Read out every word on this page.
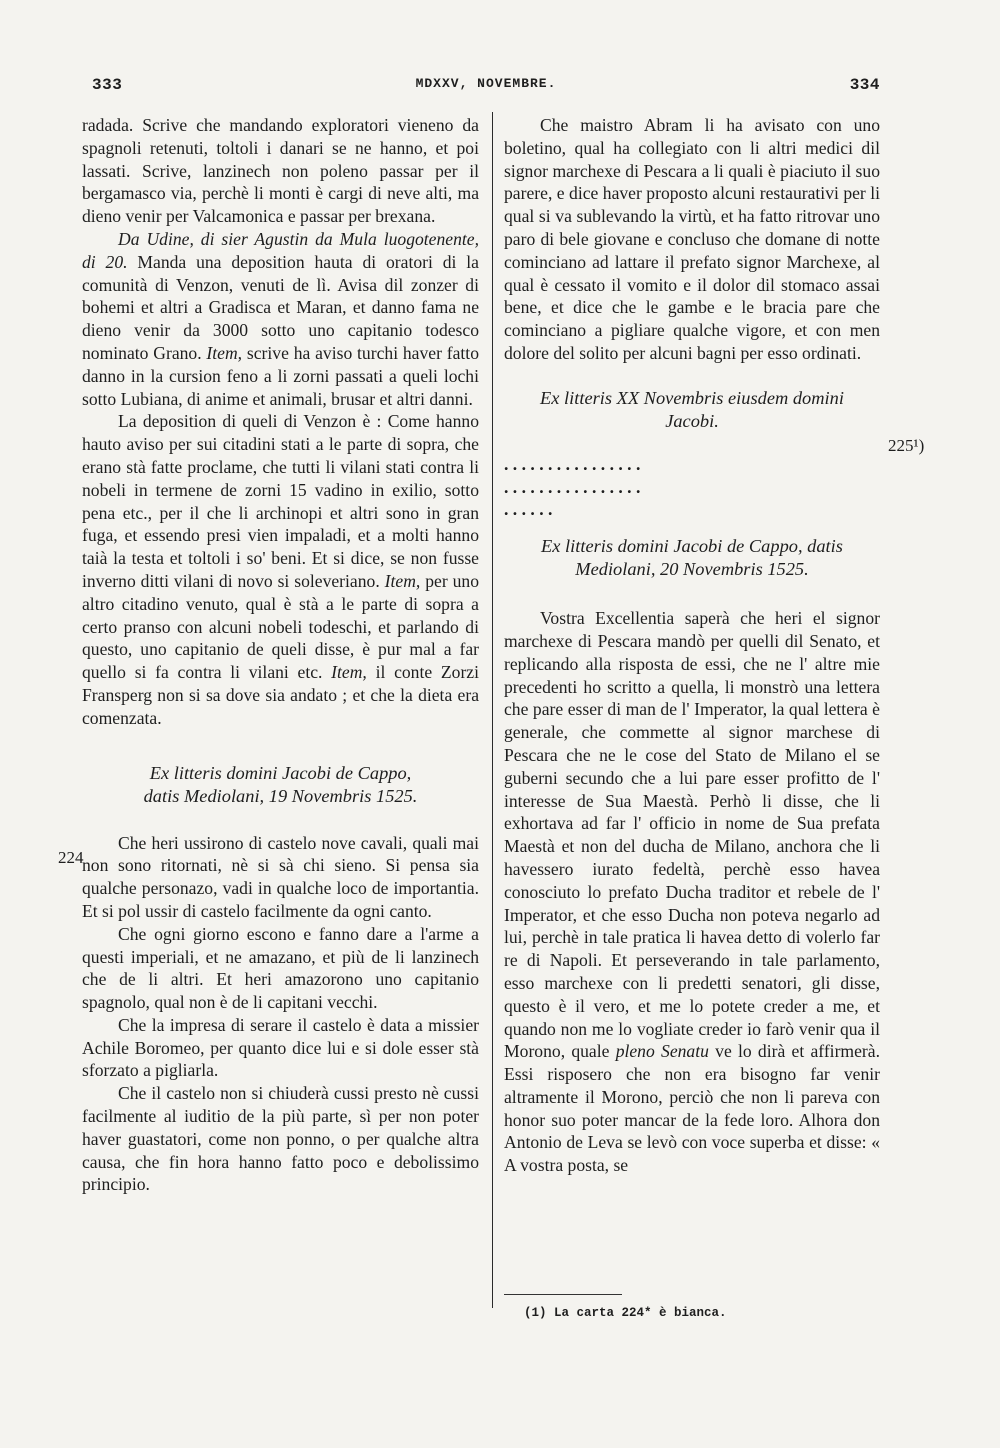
333	MDXXV, NOVEMBRE.	334

radada. Scrive che mandando exploratori vieneno da spagnoli retenuti, toltoli i danari se ne hanno, et poi lassati. Scrive, lanzinech non poleno passar per il bergamasco via, perchè li monti è cargi di neve alti, ma dieno venir per Valcamonica e passar per brexana.

Da Udine, di sier Agustin da Mula luogotenente, di 20. Manda una deposition hauta di oratori di la comunità di Venzon, venuti de lì. Avisa dil zonzer di bohemi et altri a Gradisca et Maran, et danno fama ne dieno venir da 3000 sotto uno capitanio todesco nominato Grano. Item, scrive ha aviso turchi haver fatto danno in la cursion feno a li zorni passati a queli lochi sotto Lubiana, di anime et animali, brusar et altri danni.

La deposition di queli di Venzon è : Come hanno hauto aviso per sui citadini stati a le parte di sopra, che erano stà fatte proclame, che tutti li vilani stati contra li nobeli in termene de zorni 15 vadino in exilio, sotto pena etc., per il che li archinopi et altri sono in gran fuga, et essendo presi vien impaladi, et a molti hanno taià la testa et toltoli i so' beni. Et si dice, se non fusse inverno ditti vilani di novo si soleveriano. Item, per uno altro citadino venuto, qual è stà a le parte di sopra a certo pranso con alcuni nobeli todeschi, et parlando di questo, uno capitanio de queli disse, è pur mal a far quello si fa contra li vilani etc. Item, il conte Zorzi Fransperg non si sa dove sia andato ; et che la dieta era comenzata.

Ex litteris domini Jacobi de Cappo,
datis Mediolani, 19 Novembris 1525.

Che heri ussirono di castelo nove cavali, quali mai non sono ritornati, nè si sà chi sieno. Si pensa sia qualche personazo, vadi in qualche loco de importantia. Et si pol ussir di castelo facilmente da ogni canto.

Che ogni giorno escono e fanno dare a l'arme a questi imperiali, et ne amazano, et più de li lanzinech che de li altri. Et heri amazorono uno capitanio spagnolo, qual non è de li capitani vecchi.

Che la impresa di serare il castelo è data a missier Achile Boromeo, per quanto dice lui e si dole esser stà sforzato a pigliarla.

Che il castelo non si chiuderà cussi presto nè cussi facilmente al iuditio de la più parte, sì per non poter haver guastatori, come non ponno, o per qualche altra causa, che fin hora hanno fatto poco e debolissimo principio.

224

Che maistro Abram li ha avisato con uno boletino, qual ha collegiato con li altri medici dil signor marchexe di Pescara a li quali è piaciuto il suo parere, e dice haver proposto alcuni restaurativi per li qual si va sublevando la virtù, et ha fatto ritrovar uno paro di bele giovane e concluso che domane di notte cominciano ad lattare il prefato signor Marchexe, al qual è cessato il vomito e il dolor dil stomaco assai bene, et dice che le gambe e le bracia pare che cominciano a pigliare qualche vigore, et con men dolore del solito per alcuni bagni per esso ordinati.

Ex litteris XX Novembris eiusdem domini
Jacobi.
. . . . . . . . . . . . . . . .
. . . . . . . . . . . . . . . .
. . . . . .
Ex litteris domini Jacobi de Cappo, datis
Mediolani, 20 Novembris 1525.

Vostra Excellentia saperà che heri el signor marchexe di Pescara mandò per quelli dil Senato, et replicando alla risposta de essi, che ne l' altre mie precedenti ho scritto a quella, li monstrò una lettera che pare esser di man de l' Imperator, la qual lettera è generale, che commette al signor marchese di Pescara che ne le cose del Stato de Milano el se guberni secundo che a lui pare esser profitto de l' interesse de Sua Maestà. Perhò li disse, che li exhortava ad far l' officio in nome de Sua prefata Maestà et non del ducha de Milano, anchora che li havessero iurato fedeltà, perchè esso havea conosciuto lo prefato Ducha traditor et rebele de l' Imperator, et che esso Ducha non poteva negarlo ad lui, perchè in tale pratica li havea detto di volerlo far re di Napoli. Et perseverando in tale parlamento, esso marchexe con li predetti senatori, gli disse, questo è il vero, et me lo potete creder a me, et quando non me lo vogliate creder io farò venir qua il Morono, quale pleno Senatu ve lo dirà et affirmerà. Essi risposero che non era bisogno far venir altramente il Morono, perciò che non li pareva con honor suo poter mancar de la fede loro. Alhora don Antonio de Leva se levò con voce superba et disse: « A vostra posta, se

225¹)
(1) La carta 224* è bianca.
